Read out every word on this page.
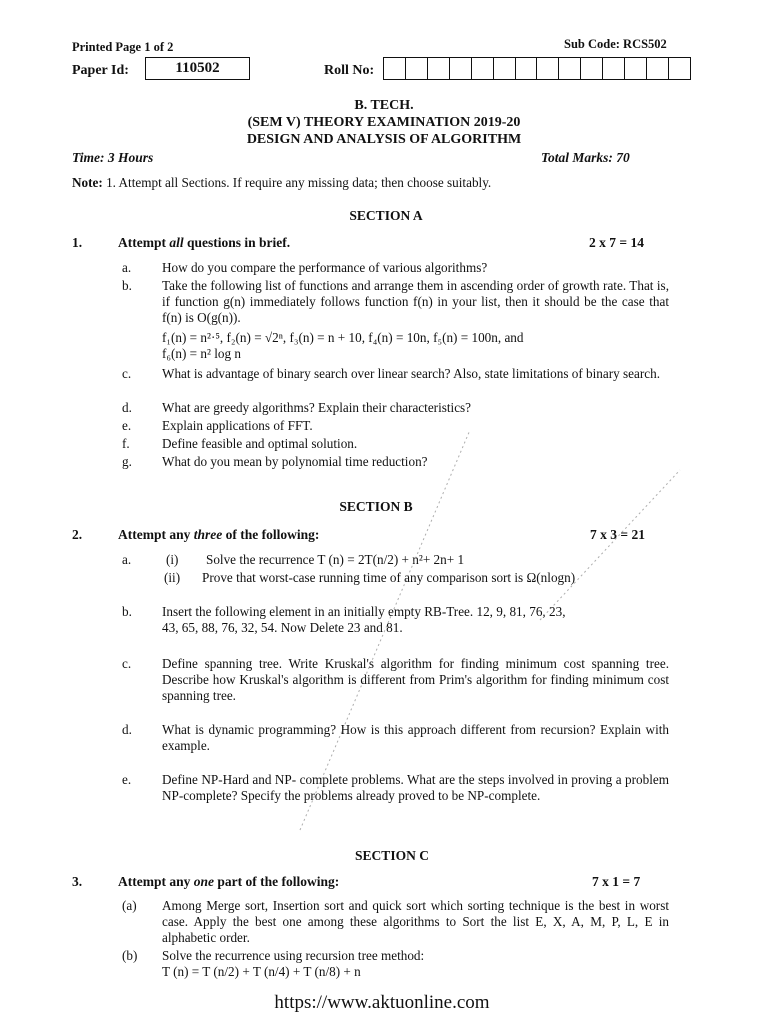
Printed Page 1 of 2	Sub Code: RCS502
Paper Id:	110502	Roll No:
B. TECH.
(SEM V) THEORY EXAMINATION 2019-20
DESIGN AND ANALYSIS OF ALGORITHM
Time: 3 Hours	Total Marks: 70
Note: 1. Attempt all Sections. If require any missing data; then choose suitably.
SECTION A
1.	Attempt all questions in brief.	2 x 7 = 14
a. How do you compare the performance of various algorithms?
b. Take the following list of functions and arrange them in ascending order of growth rate. That is, if function g(n) immediately follows function f(n) in your list, then it should be the case that f(n) is O(g(n)).
f₁(n) = n²·⁵, f₂(n) = √2ⁿ, f₃(n) = n + 10, f₄(n) = 10n, f₅(n) = 100n, and
f₆(n) = n² log n
c. What is advantage of binary search over linear search? Also, state limitations of binary search.
d. What are greedy algorithms? Explain their characteristics?
e. Explain applications of FFT.
f. Define feasible and optimal solution.
g. What do you mean by polynomial time reduction?
SECTION B
2.	Attempt any three of the following:	7 x 3 = 21
a.	(i) Solve the recurrence T (n) = 2T(n/2) + n²+ 2n+ 1
(ii) Prove that worst-case running time of any comparison sort is Ω(nlogn)
b. Insert the following element in an initially empty RB-Tree. 12, 9, 81, 76, 23, 43, 65, 88, 76, 32, 54. Now Delete 23 and 81.
c. Define spanning tree. Write Kruskal's algorithm for finding minimum cost spanning tree. Describe how Kruskal's algorithm is different from Prim's algorithm for finding minimum cost spanning tree.
d. What is dynamic programming? How is this approach different from recursion? Explain with example.
e. Define NP-Hard and NP- complete problems. What are the steps involved in proving a problem NP-complete? Specify the problems already proved to be NP-complete.
SECTION C
3.	Attempt any one part of the following:	7 x 1 = 7
(a) Among Merge sort, Insertion sort and quick sort which sorting technique is the best in worst case. Apply the best one among these algorithms to Sort the list E, X, A, M, P, L, E in alphabetic order.
(b) Solve the recurrence using recursion tree method:
T (n) = T (n/2) + T (n/4) + T (n/8) + n
https://www.aktuonline.com
